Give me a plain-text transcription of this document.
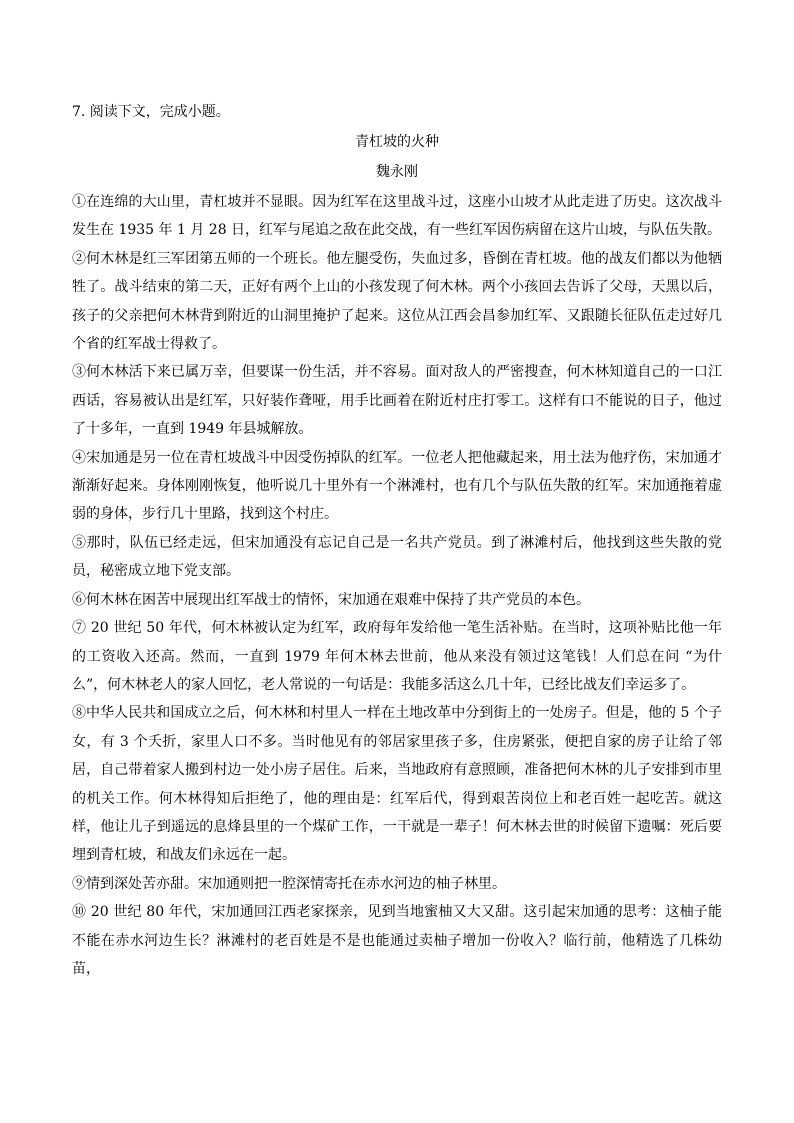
7. 阅读下文，完成小题。

青杠坡的火种

魏永刚

①在连绵的大山里，青杠坡并不显眼。因为红军在这里战斗过，这座小山坡才从此走进了历史。这次战斗发生在 1935 年 1 月 28 日，红军与尾追之敌在此交战，有一些红军因伤病留在这片山坡，与队伍失散。

②何木林是红三军团第五师的一个班长。他左腿受伤，失血过多，昏倒在青杠坡。他的战友们都以为他牺牲了。战斗结束的第二天，正好有两个上山的小孩发现了何木林。两个小孩回去告诉了父母，天黑以后，孩子的父亲把何木林背到附近的山洞里掩护了起来。这位从江西会昌参加红军、又跟随长征队伍走过好几个省的红军战士得救了。

③何木林活下来已属万幸，但要谋一份生活，并不容易。面对敌人的严密搜查，何木林知道自己的一口江西话，容易被认出是红军，只好装作聋哑，用手比画着在附近村庄打零工。这样有口不能说的日子，他过了十多年，一直到 1949 年县城解放。

④宋加通是另一位在青杠坡战斗中因受伤掉队的红军。一位老人把他藏起来，用土法为他疗伤，宋加通才渐渐好起来。身体刚刚恢复，他听说几十里外有一个淋滩村，也有几个与队伍失散的红军。宋加通拖着虚弱的身体，步行几十里路，找到这个村庄。

⑤那时，队伍已经走远，但宋加通没有忘记自己是一名共产党员。到了淋滩村后，他找到这些失散的党员，秘密成立地下党支部。

⑥何木林在困苦中展现出红军战士的情怀，宋加通在艰难中保持了共产党员的本色。

⑦ 20 世纪 50 年代，何木林被认定为红军，政府每年发给他一笔生活补贴。在当时，这项补贴比他一年的工资收入还高。然而，一直到 1979 年何木林去世前，他从来没有领过这笔钱！人们总在问 “为什么”，何木林老人的家人回忆，老人常说的一句话是：我能多活这么几十年，已经比战友们幸运多了。

⑧中华人民共和国成立之后，何木林和村里人一样在土地改革中分到街上的一处房子。但是，他的 5 个子女，有 3 个夭折，家里人口不多。当时他见有的邻居家里孩子多，住房紧张，便把自家的房子让给了邻居，自己带着家人搬到村边一处小房子居住。后来，当地政府有意照顾，准备把何木林的儿子安排到市里的机关工作。何木林得知后拒绝了，他的理由是：红军后代，得到艰苦岗位上和老百姓一起吃苦。就这样，他让儿子到遥远的息烽县里的一个煤矿工作，一干就是一辈子！何木林去世的时候留下遗嘱：死后要埋到青杠坡，和战友们永远在一起。

⑨情到深处苦亦甜。宋加通则把一腔深情寄托在赤水河边的柚子林里。

⑩ 20 世纪 80 年代，宋加通回江西老家探亲，见到当地蜜柚又大又甜。这引起宋加通的思考：这柚子能不能在赤水河边生长？淋滩村的老百姓是不是也能通过卖柚子增加一份收入？临行前，他精选了几株幼苗，
